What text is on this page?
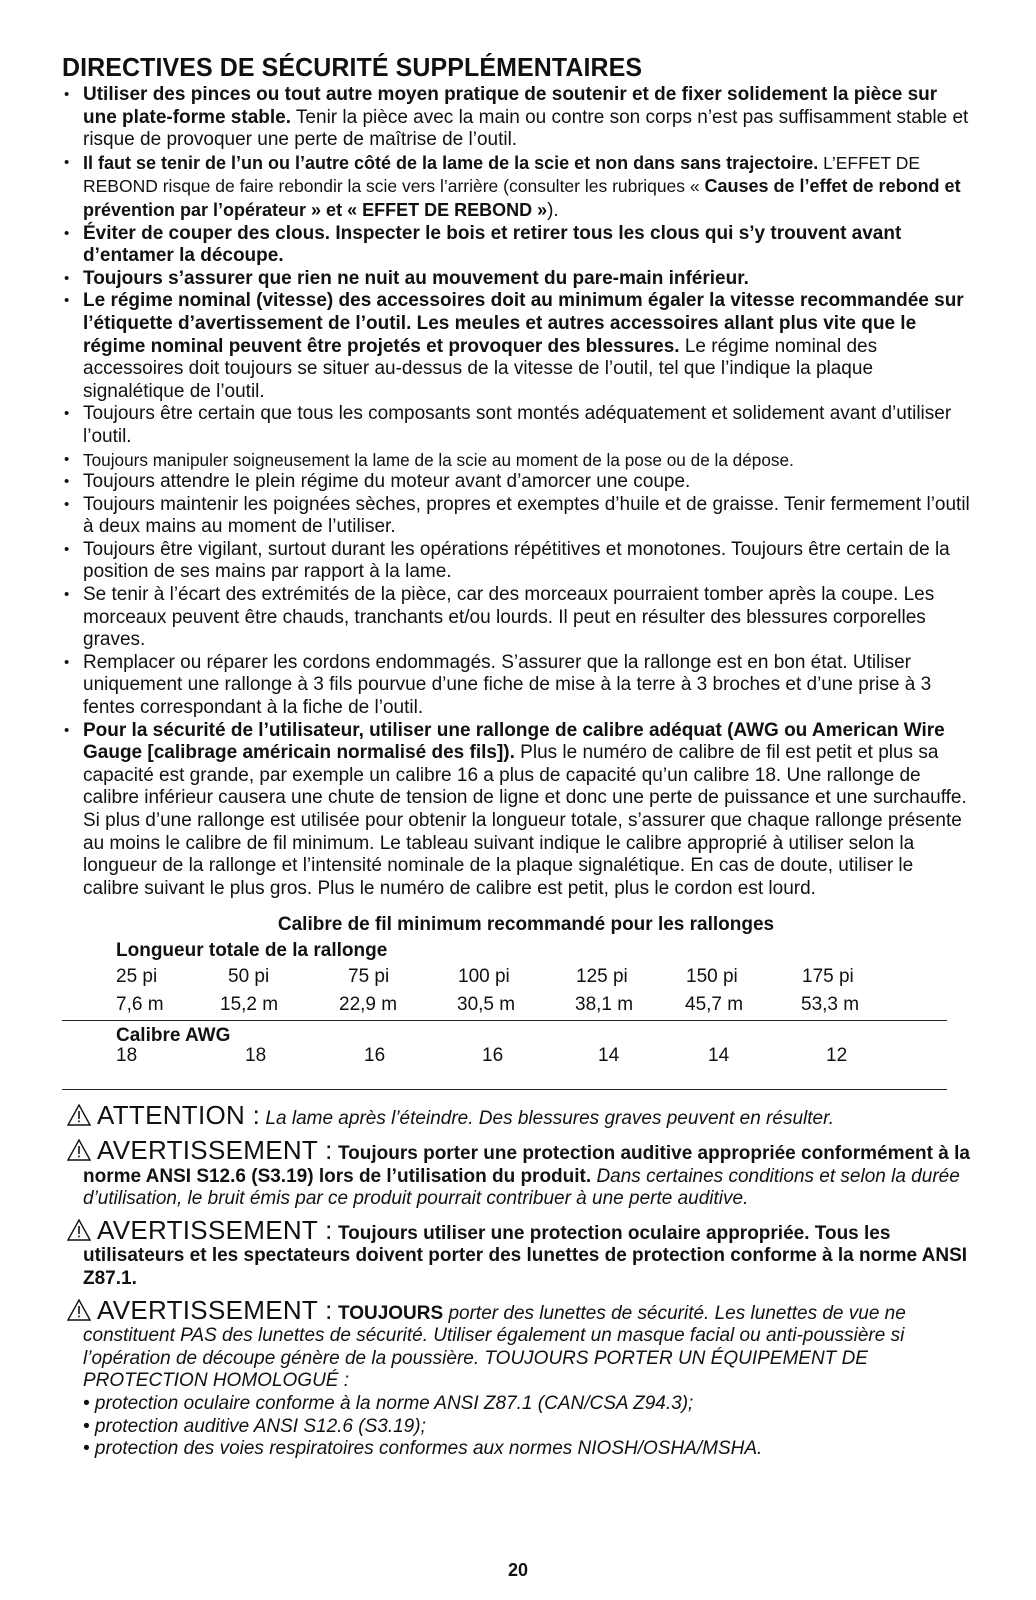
DIRECTIVES DE SÉCURITÉ SUPPLÉMENTAIRES
• Utiliser des pinces ou tout autre moyen pratique de soutenir et de fixer solidement la pièce sur une plate-forme stable. Tenir la pièce avec la main ou contre son corps n’est pas suffisamment stable et risque de provoquer une perte de maîtrise de l’outil.
• Il faut se tenir de l’un ou l’autre côté de la lame de la scie et non dans sans trajectoire. L’EFFET DE REBOND risque de faire rebondir la scie vers l’arrière (consulter les rubriques « Causes de l’effet de rebond et prévention par l’opérateur » et « EFFET DE REBOND »).
• Éviter de couper des clous. Inspecter le bois et retirer tous les clous qui s’y trouvent avant d’entamer la découpe.
• Toujours s’assurer que rien ne nuit au mouvement du pare-main inférieur.
• Le régime nominal (vitesse) des accessoires doit au minimum égaler la vitesse recommandée sur l’étiquette d’avertissement de l’outil. Les meules et autres accessoires allant plus vite que le régime nominal peuvent être projetés et provoquer des blessures. Le régime nominal des accessoires doit toujours se situer au-dessus de la vitesse de l’outil, tel que l’indique la plaque signalétique de l’outil.
• Toujours être certain que tous les composants sont montés adéquatement et solidement avant d’utiliser l’outil.
• Toujours manipuler soigneusement la lame de la scie au moment de la pose ou de la dépose.
• Toujours attendre le plein régime du moteur avant d’amorcer une coupe.
• Toujours maintenir les poignées sèches, propres et exemptes d’huile et de graisse. Tenir fermement l’outil à deux mains au moment de l’utiliser.
• Toujours être vigilant, surtout durant les opérations répétitives et monotones. Toujours être certain de la position de ses mains par rapport à la lame.
• Se tenir à l’écart des extrémités de la pièce, car des morceaux pourraient tomber après la coupe. Les morceaux peuvent être chauds, tranchants et/ou lourds. Il peut en résulter des blessures corporelles graves.
• Remplacer ou réparer les cordons endommagés. S’assurer que la rallonge est en bon état. Utiliser uniquement une rallonge à 3 fils pourvue d’une fiche de mise à la terre à 3 broches et d’une prise à 3 fentes correspondant à la fiche de l’outil.
• Pour la sécurité de l’utilisateur, utiliser une rallonge de calibre adéquat (AWG ou American Wire Gauge [calibrage américain normalisé des fils]). Plus le numéro de calibre de fil est petit et plus sa capacité est grande, par exemple un calibre 16 a plus de capacité qu’un calibre 18. Une rallonge de calibre inférieur causera une chute de tension de ligne et donc une perte de puissance et une surchauffe. Si plus d’une rallonge est utilisée pour obtenir la longueur totale, s’assurer que chaque rallonge présente au moins le calibre de fil minimum. Le tableau suivant indique le calibre approprié à utiliser selon la longueur de la rallonge et l’intensité nominale de la plaque signalétique. En cas de doute, utiliser le calibre suivant le plus gros. Plus le numéro de calibre est petit, plus le cordon est lourd.
Calibre de fil minimum recommandé pour les rallonges
Longueur totale de la rallonge
25 pi	50 pi	75 pi	100 pi	125 pi	150 pi	175 pi
7,6 m	15,2 m	22,9 m	30,5 m	38,1 m	45,7 m	53,3 m
Calibre AWG
18	18	16	16	14	14	12
ATTENTION : La lame après l’éteindre. Des blessures graves peuvent en résulter.
AVERTISSEMENT : Toujours porter une protection auditive appropriée conformément à la norme ANSI S12.6 (S3.19) lors de l’utilisation du produit. Dans certaines conditions et selon la durée d’utilisation, le bruit émis par ce produit pourrait contribuer à une perte auditive.
AVERTISSEMENT : Toujours utiliser une protection oculaire appropriée. Tous les utilisateurs et les spectateurs doivent porter des lunettes de protection conforme à la norme ANSI Z87.1.
AVERTISSEMENT : TOUJOURS porter des lunettes de sécurité. Les lunettes de vue ne constituent PAS des lunettes de sécurité. Utiliser également un masque facial ou anti-poussière si l’opération de découpe génère de la poussière. TOUJOURS PORTER UN ÉQUIPEMENT DE PROTECTION HOMOLOGUÉ :
• protection oculaire conforme à la norme ANSI Z87.1 (CAN/CSA Z94.3);
• protection auditive ANSI S12.6 (S3.19);
• protection des voies respiratoires conformes aux normes NIOSH/OSHA/MSHA.
20
